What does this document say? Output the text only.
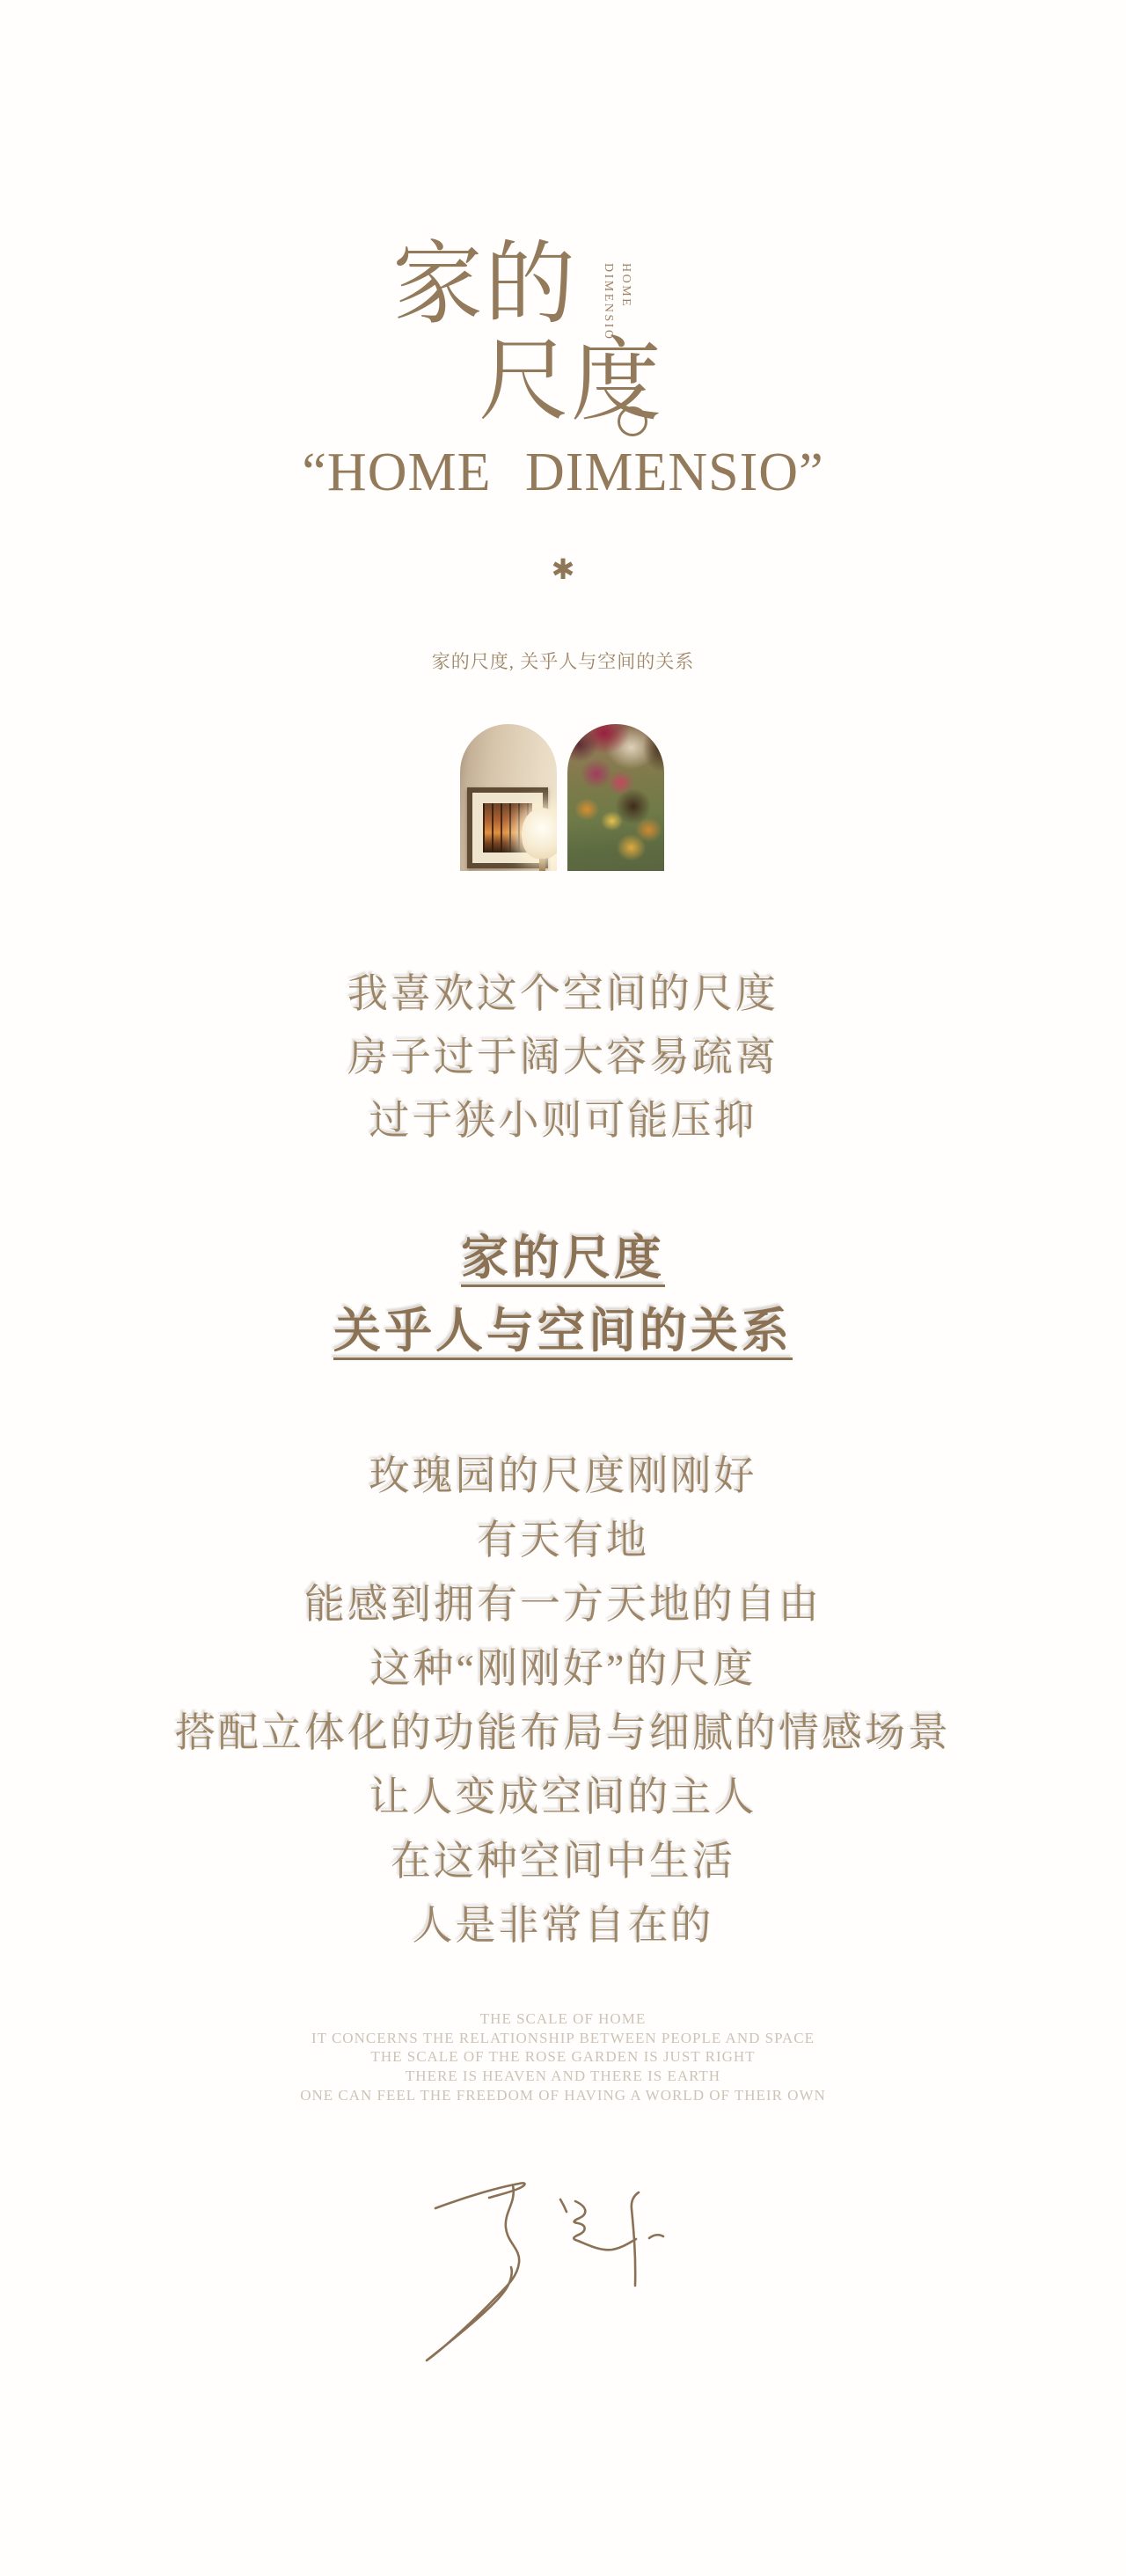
家的	HOME
DIMENSIO
尺度
“HOME DIMENSIO”
✱
家的尺度, 关乎人与空间的关系

我喜欢这个空间的尺度

房子过于阔大容易疏离

过于狭小则可能压抑

家的尺度

关乎人与空间的关系

玫瑰园的尺度刚刚好

有天有地

能感到拥有一方天地的自由

这种“刚刚好”的尺度

搭配立体化的功能布局与细腻的情感场景

让人变成空间的主人

在这种空间中生活

人是非常自在的

THE SCALE OF HOME

IT CONCERNS THE RELATIONSHIP BETWEEN PEOPLE AND SPACE

THE SCALE OF THE ROSE GARDEN IS JUST RIGHT

THERE IS HEAVEN AND THERE IS EARTH

ONE CAN FEEL THE FREEDOM OF HAVING A WORLD OF THEIR OWN
